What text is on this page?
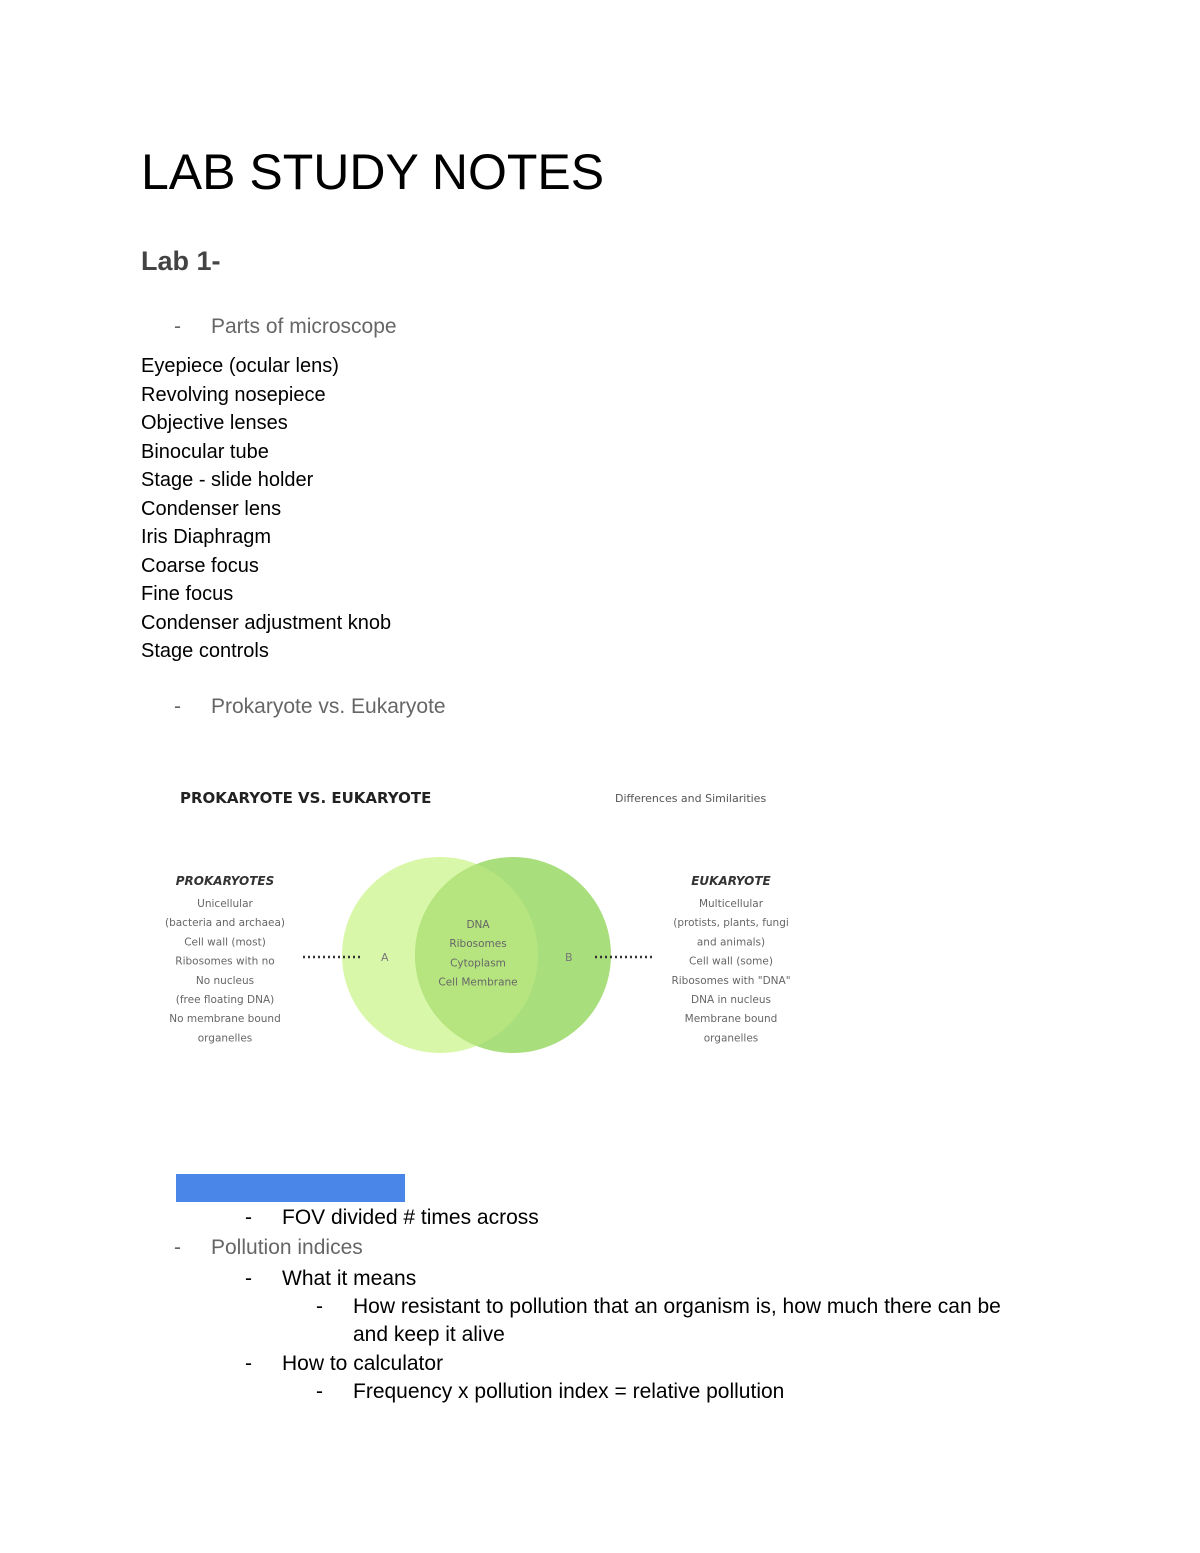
LAB STUDY NOTES
Lab 1-
- Parts of microscope
Eyepiece (ocular lens)
Revolving nosepiece
Objective lenses
Binocular tube
Stage - slide holder
Condenser lens
Iris Diaphragm
Coarse focus
Fine focus
Condenser adjustment knob
Stage controls
- Prokaryote vs. Eukaryote
PROKARYOTE VS. EUKARYOTE	Differences and Similarities
A	B
PROKARYOTES	EUKARYOTE
Unicellular
(bacteria and archaea)
Cell wall (most)
Ribosomes with no
No nucleus
(free floating DNA)
No membrane bound
organelles
Multicellular
(protists, plants, fungi
and animals)
Cell wall (some)
Ribosomes with "DNA"
DNA in nucleus
Membrane bound
organelles
DNA
Ribosomes
Cytoplasm
Cell Membrane
- How to estimate size
- FOV divided # times across
- Pollution indices
- What it means
- How resistant to pollution that an organism is, how much there can be
and keep it alive
- How to calculator
- Frequency x pollution index = relative pollution
